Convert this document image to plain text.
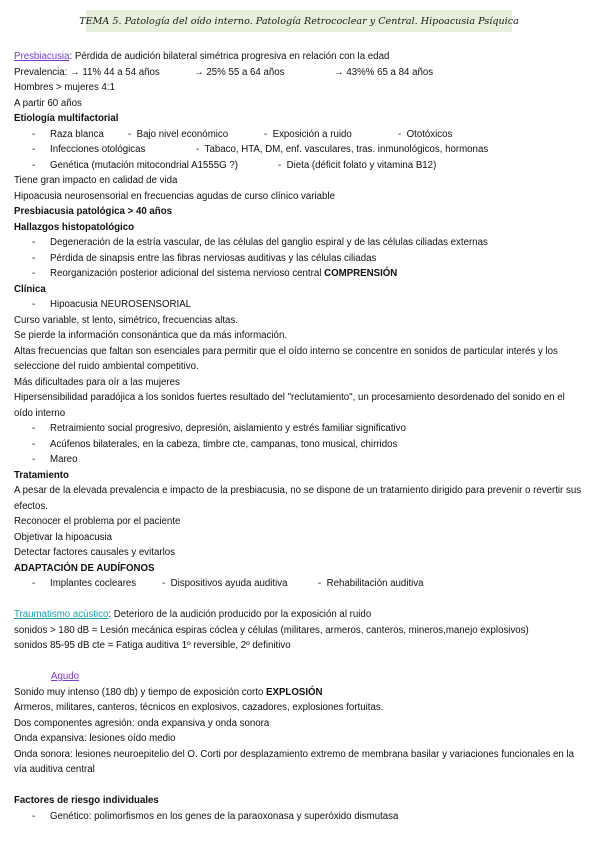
TEMA 5. Patología del oído interno. Patología Retrococlear y Central. Hipoacusia Psíquica
Presbiacusia: Pérdida de audición bilateral simétrica progresiva en relación con la edad
Prevalencia:
→ 11% 44 a 54 años	→ 25% 55 a 64 años	→ 43%% 65 a 84 años
Hombres > mujeres 4:1
A partir 60 años
Etiología multifactorial
-	Raza blanca	-  Bajo nivel económico	-  Exposición a ruido	-  Ototóxicos
-	Infecciones otológicas	-  Tabaco, HTA, DM, enf. vasculares, tras. inmunológicos, hormonas
-	Genética (mutación mitocondrial A1555G ?)	-  Dieta (déficit folato y vitamina B12)
Tiene gran impacto en calidad de vida
Hipoacusia neurosensorial en frecuencias agudas de curso clínico variable
Presbiacusia patológica > 40 años
Hallazgos histopatológico
-	Degeneración de la estría vascular, de las células del ganglio espiral y de las células ciliadas externas
-	Pérdida de sinapsis entre las fibras nerviosas auditivas y las células ciliadas
-	Reorganización posterior adicional del sistema nervioso central COMPRENSIÓN
Clínica
-	Hipoacusia NEUROSENSORIAL
Curso variable, st lento, simétrico, frecuencias altas.
Se pierde la información consonántica que da más información.
Altas frecuencias que faltan son esenciales para permitir que el oído interno se concentre en sonidos de particular interés y los seleccione del ruido ambiental competitivo.
Más dificultades para oír a las mujeres
Hipersensibilidad paradójica a los sonidos fuertes resultado del "reclutamiento", un procesamiento desordenado del sonido en el oído interno
-	Retraimiento social progresivo, depresión, aislamiento y estrés familiar significativo
-	Acúfenos bilaterales, en la cabeza, timbre cte, campanas, tono musical, chirridos
-	Mareo
Tratamiento
A pesar de la elevada prevalencia e impacto de la presbiacusia, no se dispone de un tratamiento dirigido para prevenir o revertir sus efectos.
Reconocer el problema por el paciente
Objetivar la hipoacusia
Detectar factores causales y evitarlos
ADAPTACIÓN DE AUDÍFONOS
-	Implantes cocleares	-  Dispositivos ayuda auditiva	-  Rehabilitación auditiva
Traumatismo acústico: Deterioro de la audición producido por la exposición al ruido
sonidos > 180 dB = Lesión mecánica espiras cóclea y células (militares, armeros, canteros, mineros,manejo explosivos)
sonidos 85-95 dB cte = Fatiga auditiva 1º reversible, 2º definitivo
Agudo
Sonido muy intenso (180 db) y tiempo de exposición corto EXPLOSIÓN
Armeros, militares, canteros, técnicos en explosivos, cazadores, explosiones fortuitas.
Dos componentes agresión: onda expansiva y onda sonora
Onda expansiva: lesiones oído medio
Onda sonora: lesiones neuroepitelio del O. Corti por desplazamiento extremo de membrana basilar y variaciones funcionales en la vía auditiva central
Factores de riesgo individuales
-	Genético: polimorfismos en los genes de la paraoxonasa y superóxido dismutasa
